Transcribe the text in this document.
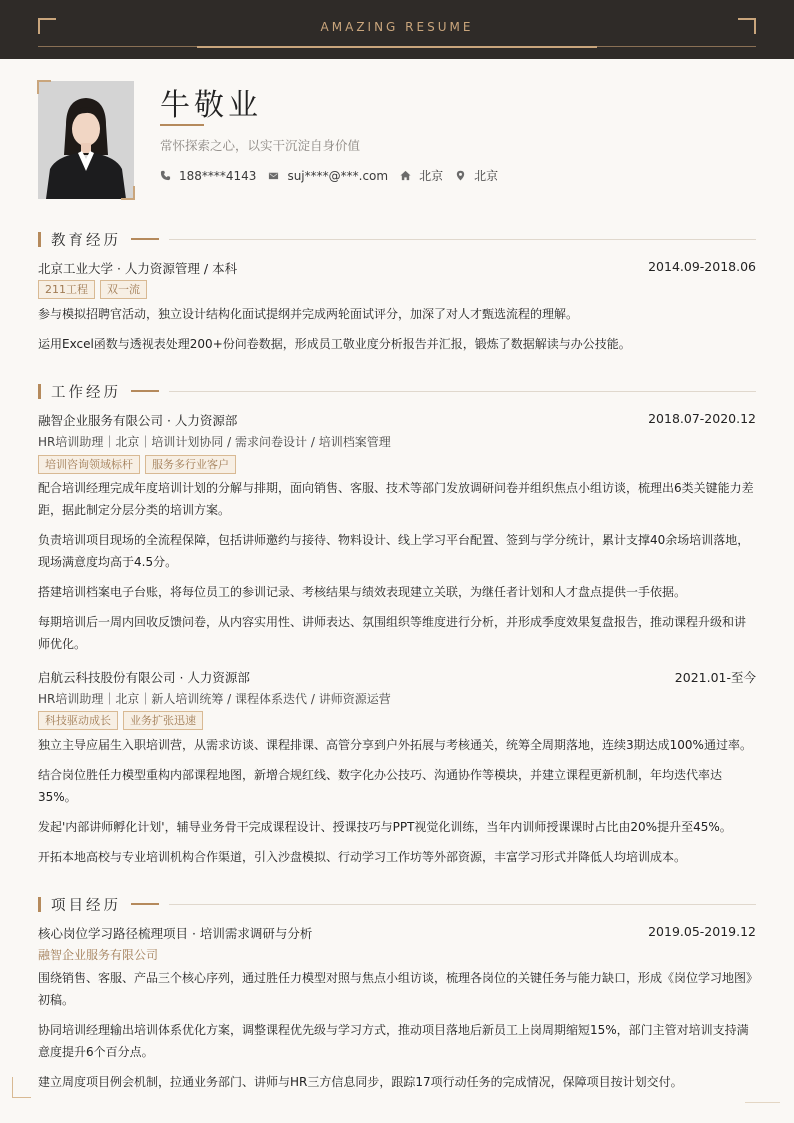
AMAZING RESUME
牛敬业
常怀探索之心，以实干沉淀自身价值
188****4143	suj****@***.com	北京	北京
教育经历
北京工业大学 · 人力资源管理 / 本科	2014.09-2018.06
211工程	双一流
参与模拟招聘官活动，独立设计结构化面试提纲并完成两轮面试评分，加深了对人才甄选流程的理解。
运用Excel函数与透视表处理200+份问卷数据，形成员工敬业度分析报告并汇报，锻炼了数据解读与办公技能。
工作经历
融智企业服务有限公司 · 人力资源部	2018.07-2020.12
HR培训助理｜北京｜培训计划协同 / 需求问卷设计 / 培训档案管理
培训咨询领域标杆	服务多行业客户
配合培训经理完成年度培训计划的分解与排期，面向销售、客服、技术等部门发放调研问卷并组织焦点小组访谈，梳理出6类关键能力差距，据此制定分层分类的培训方案。
负责培训项目现场的全流程保障，包括讲师邀约与接待、物料设计、线上学习平台配置、签到与学分统计，累计支撑40余场培训落地，现场满意度均高于4.5分。
搭建培训档案电子台账，将每位员工的参训记录、考核结果与绩效表现建立关联，为继任者计划和人才盘点提供一手依据。
每期培训后一周内回收反馈问卷，从内容实用性、讲师表达、氛围组织等维度进行分析，并形成季度效果复盘报告，推动课程升级和讲师优化。
启航云科技股份有限公司 · 人力资源部	2021.01-至今
HR培训助理｜北京｜新人培训统筹 / 课程体系迭代 / 讲师资源运营
科技驱动成长	业务扩张迅速
独立主导应届生入职培训营，从需求访谈、课程排课、高管分享到户外拓展与考核通关，统筹全周期落地，连续3期达成100%通过率。
结合岗位胜任力模型重构内部课程地图，新增合规红线、数字化办公技巧、沟通协作等模块，并建立课程更新机制，年均迭代率达35%。
发起'内部讲师孵化计划'，辅导业务骨干完成课程设计、授课技巧与PPT视觉化训练，当年内训师授课课时占比由20%提升至45%。
开拓本地高校与专业培训机构合作渠道，引入沙盘模拟、行动学习工作坊等外部资源，丰富学习形式并降低人均培训成本。
项目经历
核心岗位学习路径梳理项目 · 培训需求调研与分析	2019.05-2019.12
融智企业服务有限公司
围绕销售、客服、产品三个核心序列，通过胜任力模型对照与焦点小组访谈，梳理各岗位的关键任务与能力缺口，形成《岗位学习地图》初稿。
协同培训经理输出培训体系优化方案，调整课程优先级与学习方式，推动项目落地后新员工上岗周期缩短15%，部门主管对培训支持满意度提升6个百分点。
建立周度项目例会机制，拉通业务部门、讲师与HR三方信息同步，跟踪17项行动任务的完成情况，保障项目按计划交付。
